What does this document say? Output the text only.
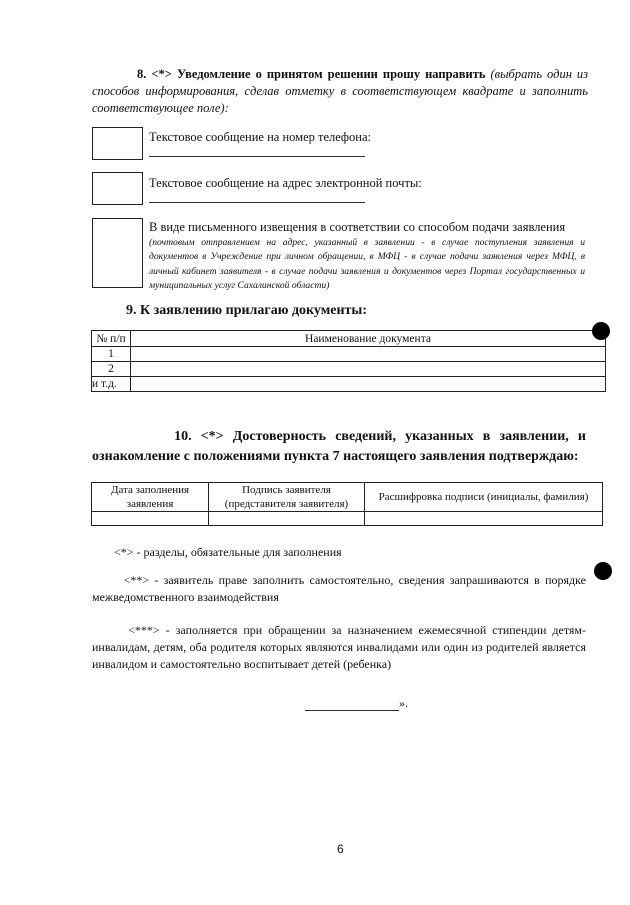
8. <*> Уведомление о принятом решении прошу направить (выбрать один из способов информирования, сделав отметку в соответствующем квадрате и заполнить соответствующее поле):
Текстовое сообщение на номер телефона:
Текстовое сообщение на адрес электронной почты:
В виде письменного извещения в соответствии со способом подачи заявления
(почтовым отправлением на адрес, указанный в заявлении - в случае поступления заявления и документов в Учреждение при личном обращении, в МФЦ - в случае подачи заявления через МФЦ, в личный кабинет заявителя - в случае подачи заявления и документов через Портал государственных и муниципальных услуг Сахалинской области)
9. К заявлению прилагаю документы:
№ п/п	Наименование документа
1	
2	
и т.д.	
10. <*> Достоверность сведений, указанных в заявлении, и ознакомление с положениями пункта 7 настоящего заявления подтверждаю:
Дата заполнения заявления	Подпись заявителя (представителя заявителя)	Расшифровка подписи (инициалы, фамилия)

<*> - разделы, обязательные для заполнения
<**> - заявитель праве заполнить самостоятельно, сведения запрашиваются в порядке межведомственного взаимодействия
<***> - заполняется при обращении за назначением ежемесячной стипендии детям-инвалидам, детям, оба родителя которых являются инвалидами или один из родителей является инвалидом и самостоятельно воспитывает детей (ребенка)
».
6
